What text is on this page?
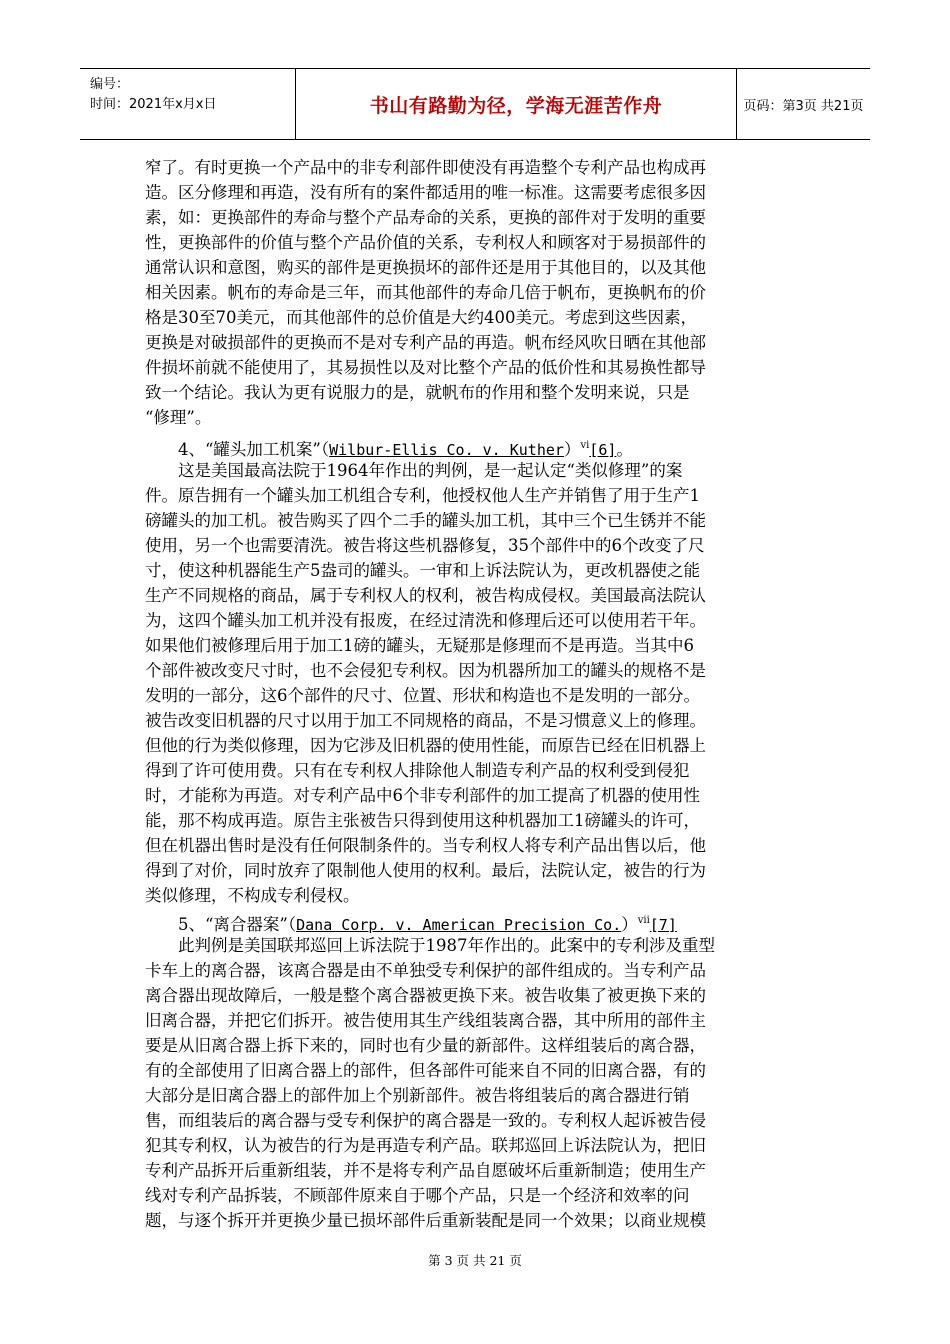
编号：
时间：2021年x月x日	书山有路勤为径，学海无涯苦作舟	页码：第3页 共21页
窄了。有时更换一个产品中的非专利部件即使没有再造整个专利产品也构成再
造。区分修理和再造，没有所有的案件都适用的唯一标准。这需要考虑很多因
素，如：更换部件的寿命与整个产品寿命的关系，更换的部件对于发明的重要
性，更换部件的价值与整个产品价值的关系，专利权人和顾客对于易损部件的
通常认识和意图，购买的部件是更换损坏的部件还是用于其他目的，以及其他
相关因素。帆布的寿命是三年，而其他部件的寿命几倍于帆布，更换帆布的价
格是30至70美元，而其他部件的总价值是大约400美元。考虑到这些因素，
更换是对破损部件的更换而不是对专利产品的再造。帆布经风吹日晒在其他部
件损坏前就不能使用了，其易损性以及对比整个产品的低价性和其易换性都导
致一个结论。我认为更有说服力的是，就帆布的作用和整个发明来说，只是
“修理”。
4、“罐头加工机案”（Wilbur-Ellis Co. v. Kuther）$^{vi}$[6]。
这是美国最高法院于1964年作出的判例，是一起认定“类似修理”的案
件。原告拥有一个罐头加工机组合专利，他授权他人生产并销售了用于生产1
磅罐头的加工机。被告购买了四个二手的罐头加工机，其中三个已生锈并不能
使用，另一个也需要清洗。被告将这些机器修复，35个部件中的6个改变了尺
寸，使这种机器能生产5盎司的罐头。一审和上诉法院认为，更改机器使之能
生产不同规格的商品，属于专利权人的权利，被告构成侵权。美国最高法院认
为，这四个罐头加工机并没有报废，在经过清洗和修理后还可以使用若干年。
如果他们被修理后用于加工1磅的罐头，无疑那是修理而不是再造。当其中6
个部件被改变尺寸时，也不会侵犯专利权。因为机器所加工的罐头的规格不是
发明的一部分，这6个部件的尺寸、位置、形状和构造也不是发明的一部分。
被告改变旧机器的尺寸以用于加工不同规格的商品，不是习惯意义上的修理。
但他的行为类似修理，因为它涉及旧机器的使用性能，而原告已经在旧机器上
得到了许可使用费。只有在专利权人排除他人制造专利产品的权利受到侵犯
时，才能称为再造。对专利产品中6个非专利部件的加工提高了机器的使用性
能，那不构成再造。原告主张被告只得到使用这种机器加工1磅罐头的许可，
但在机器出售时是没有任何限制条件的。当专利权人将专利产品出售以后，他
得到了对价，同时放弃了限制他人使用的权利。最后，法院认定，被告的行为
类似修理，不构成专利侵权。
5、“离合器案”（Dana Corp. v. American Precision Co.）$^{vii}$[7]
此判例是美国联邦巡回上诉法院于1987年作出的。此案中的专利涉及重型
卡车上的离合器，该离合器是由不单独受专利保护的部件组成的。当专利产品
离合器出现故障后，一般是整个离合器被更换下来。被告收集了被更换下来的
旧离合器，并把它们拆开。被告使用其生产线组装离合器，其中所用的部件主
要是从旧离合器上拆下来的，同时也有少量的新部件。这样组装后的离合器，
有的全部使用了旧离合器上的部件，但各部件可能来自不同的旧离合器，有的
大部分是旧离合器上的部件加上个别新部件。被告将组装后的离合器进行销
售，而组装后的离合器与受专利保护的离合器是一致的。专利权人起诉被告侵
犯其专利权，认为被告的行为是再造专利产品。联邦巡回上诉法院认为，把旧
专利产品拆开后重新组装，并不是将专利产品自愿破坏后重新制造；使用生产
线对专利产品拆装，不顾部件原来自于哪个产品，只是一个经济和效率的问
题，与逐个拆开并更换少量已损坏部件后重新装配是同一个效果；以商业规模
第 3 页 共 21 页
